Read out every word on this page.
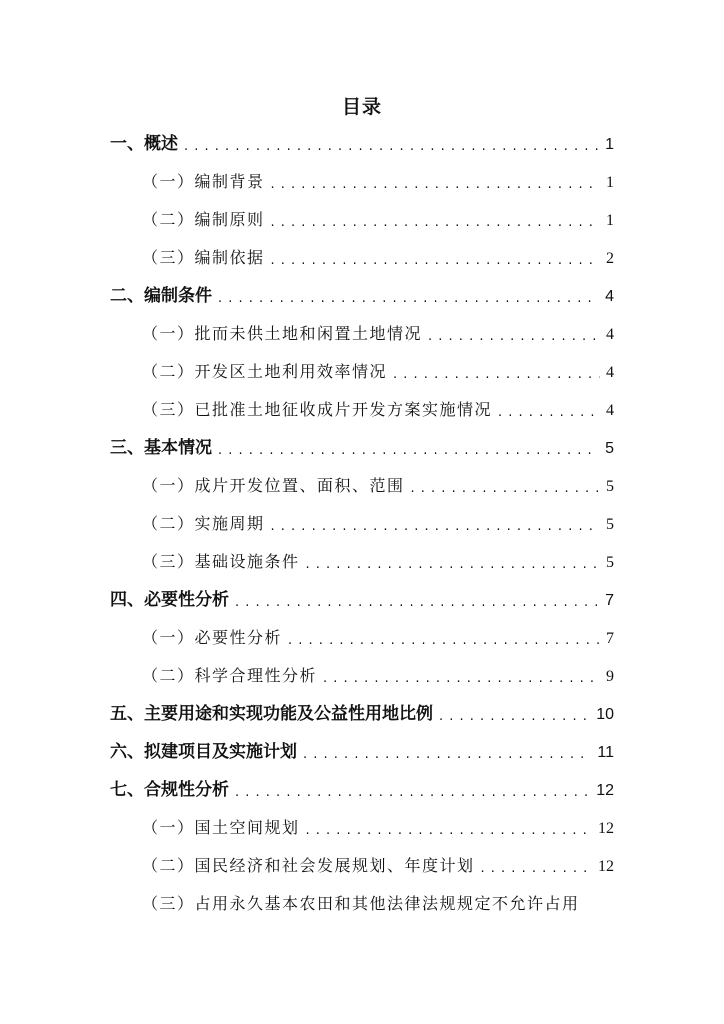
目录
一、概述 . . .	1
（一）编制背景 . . .	1
（二）编制原则 . . .	1
（三）编制依据 . . .	2
二、编制条件 . . .	4
（一）批而未供土地和闲置土地情况 . . .	4
（二）开发区土地利用效率情况 . . .	4
（三）已批准土地征收成片开发方案实施情况 . . .	4
三、基本情况 . . .	5
（一）成片开发位置、面积、范围 . . .	5
（二）实施周期 . . .	5
（三）基础设施条件 . . .	5
四、必要性分析 . . .	7
（一）必要性分析 . . .	7
（二）科学合理性分析 . . .	9
五、主要用途和实现功能及公益性用地比例 . . .	10
六、拟建项目及实施计划 . . .	11
七、合规性分析 . . .	12
（一）国土空间规划 . . .	12
（二）国民经济和社会发展规划、年度计划 . . .	12
（三）占用永久基本农田和其他法律法规规定不允许占用
